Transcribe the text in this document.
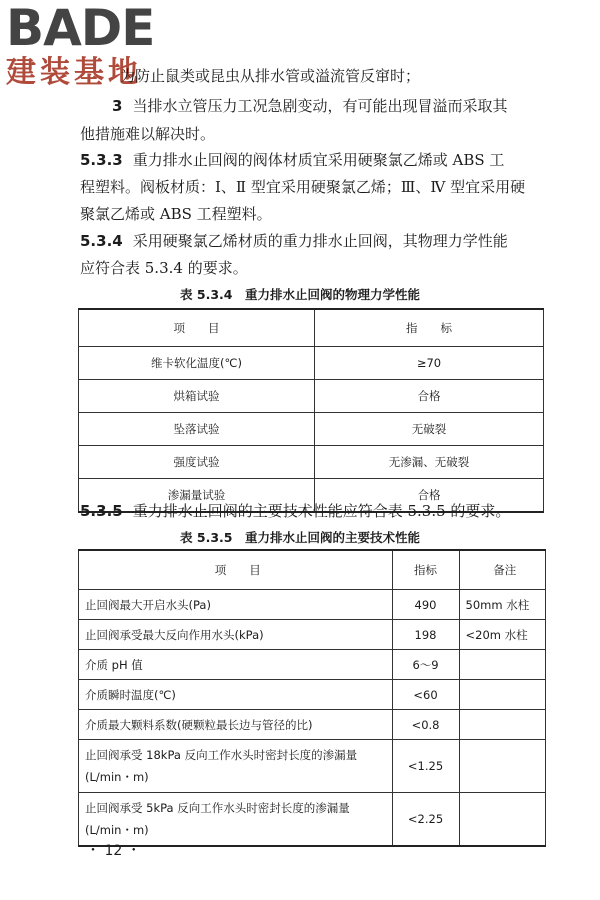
BADE
建装基地
为防止鼠类或昆虫从排水管或溢流管反窜时；
3 当排水立管压力工况急剧变动，有可能出现冒溢而采取其
他措施难以解决时。
5.3.3 重力排水止回阀的阀体材质宜采用硬聚氯乙烯或 ABS 工
程塑料。阀板材质：Ⅰ、Ⅱ 型宜采用硬聚氯乙烯；Ⅲ、Ⅳ 型宜采用硬
聚氯乙烯或 ABS 工程塑料。
5.3.4 采用硬聚氯乙烯材质的重力排水止回阀，其物理力学性能
应符合表 5.3.4 的要求。
表 5.3.4　重力排水止回阀的物理力学性能
项　　目	指　　标
维卡软化温度(℃)	≥70
烘箱试验	合格
坠落试验	无破裂
强度试验	无渗漏、无破裂
渗漏量试验	合格
5.3.5 重力排水止回阀的主要技术性能应符合表 5.3.5 的要求。
表 5.3.5　重力排水止回阀的主要技术性能
项　　目	指标	备注
止回阀最大开启水头(Pa)	490	50mm 水柱
止回阀承受最大反向作用水头(kPa)	198	<20m 水柱
介质 pH 值	6～9	
介质瞬时温度(℃)	<60	
介质最大颗料系数(硬颗粒最长边与管径的比)	<0.8	
止回阀承受 18kPa 反向工作水头时密封长度的渗漏量(L/min・m)	<1.25	
止回阀承受 5kPa 反向工作水头时密封长度的渗漏量(L/min・m)	<2.25	
・ 12 ・
